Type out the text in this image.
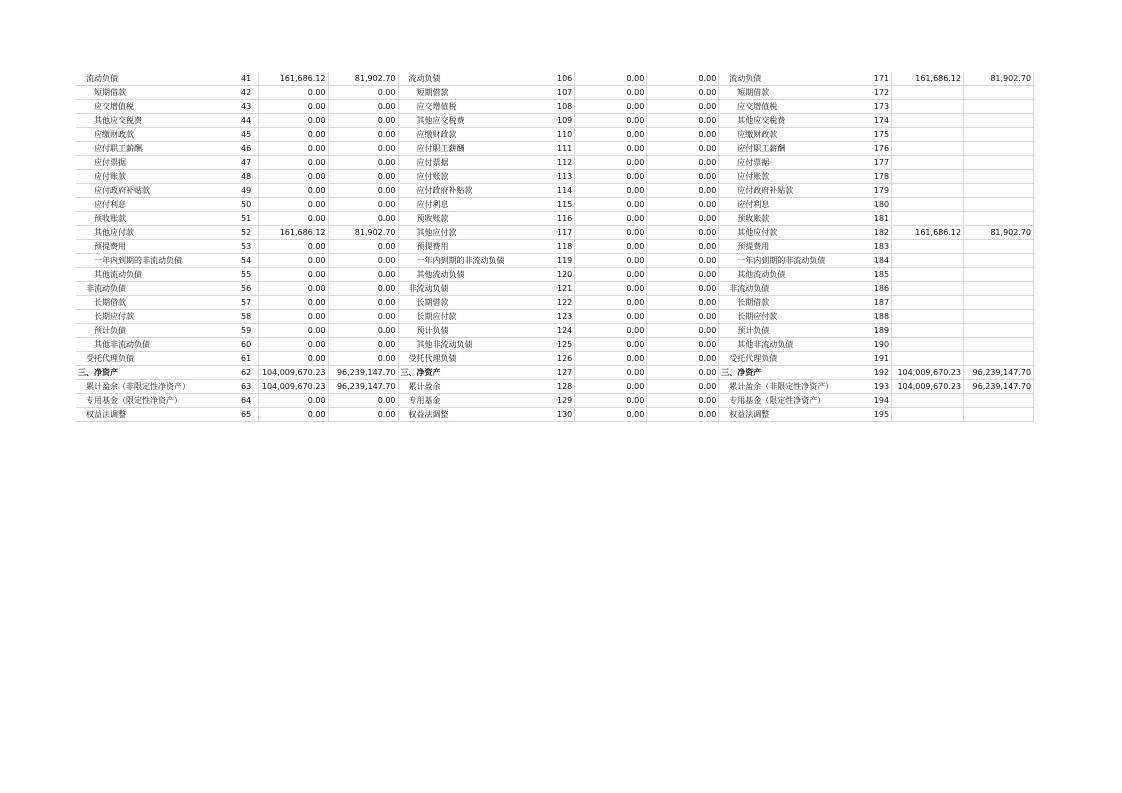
流动负债	41	161,686.12	81,902.70	流动负债	106	0.00	0.00	流动负债	171	161,686.12	81,902.70
短期借款	42	0.00	0.00	短期借款	107	0.00	0.00	短期借款	172		
应交增值税	43	0.00	0.00	应交增值税	108	0.00	0.00	应交增值税	173		
其他应交税费	44	0.00	0.00	其他应交税费	109	0.00	0.00	其他应交税费	174		
应缴财政款	45	0.00	0.00	应缴财政款	110	0.00	0.00	应缴财政款	175		
应付职工薪酬	46	0.00	0.00	应付职工薪酬	111	0.00	0.00	应付职工薪酬	176		
应付票据	47	0.00	0.00	应付票据	112	0.00	0.00	应付票据	177		
应付账款	48	0.00	0.00	应付账款	113	0.00	0.00	应付账款	178		
应付政府补贴款	49	0.00	0.00	应付政府补贴款	114	0.00	0.00	应付政府补贴款	179		
应付利息	50	0.00	0.00	应付利息	115	0.00	0.00	应付利息	180		
预收账款	51	0.00	0.00	预收账款	116	0.00	0.00	预收账款	181		
其他应付款	52	161,686.12	81,902.70	其他应付款	117	0.00	0.00	其他应付款	182	161,686.12	81,902.70
预提费用	53	0.00	0.00	预提费用	118	0.00	0.00	预提费用	183		
一年内到期的非流动负债	54	0.00	0.00	一年内到期的非流动负债	119	0.00	0.00	一年内到期的非流动负债	184		
其他流动负债	55	0.00	0.00	其他流动负债	120	0.00	0.00	其他流动负债	185		
非流动负债	56	0.00	0.00	非流动负债	121	0.00	0.00	非流动负债	186		
长期借款	57	0.00	0.00	长期借款	122	0.00	0.00	长期借款	187		
长期应付款	58	0.00	0.00	长期应付款	123	0.00	0.00	长期应付款	188		
预计负债	59	0.00	0.00	预计负债	124	0.00	0.00	预计负债	189		
其他非流动负债	60	0.00	0.00	其他非流动负债	125	0.00	0.00	其他非流动负债	190		
受托代理负债	61	0.00	0.00	受托代理负债	126	0.00	0.00	受托代理负债	191		
三、净资产	62	104,009,670.23	96,239,147.70	三、净资产	127	0.00	0.00	三、净资产	192	104,009,670.23	96,239,147.70
累计盈余（非限定性净资产）	63	104,009,670.23	96,239,147.70	累计盈余	128	0.00	0.00	累计盈余（非限定性净资产）	193	104,009,670.23	96,239,147.70
专用基金（限定性净资产）	64	0.00	0.00	专用基金	129	0.00	0.00	专用基金（限定性净资产）	194		
权益法调整	65	0.00	0.00	权益法调整	130	0.00	0.00	权益法调整	195		
